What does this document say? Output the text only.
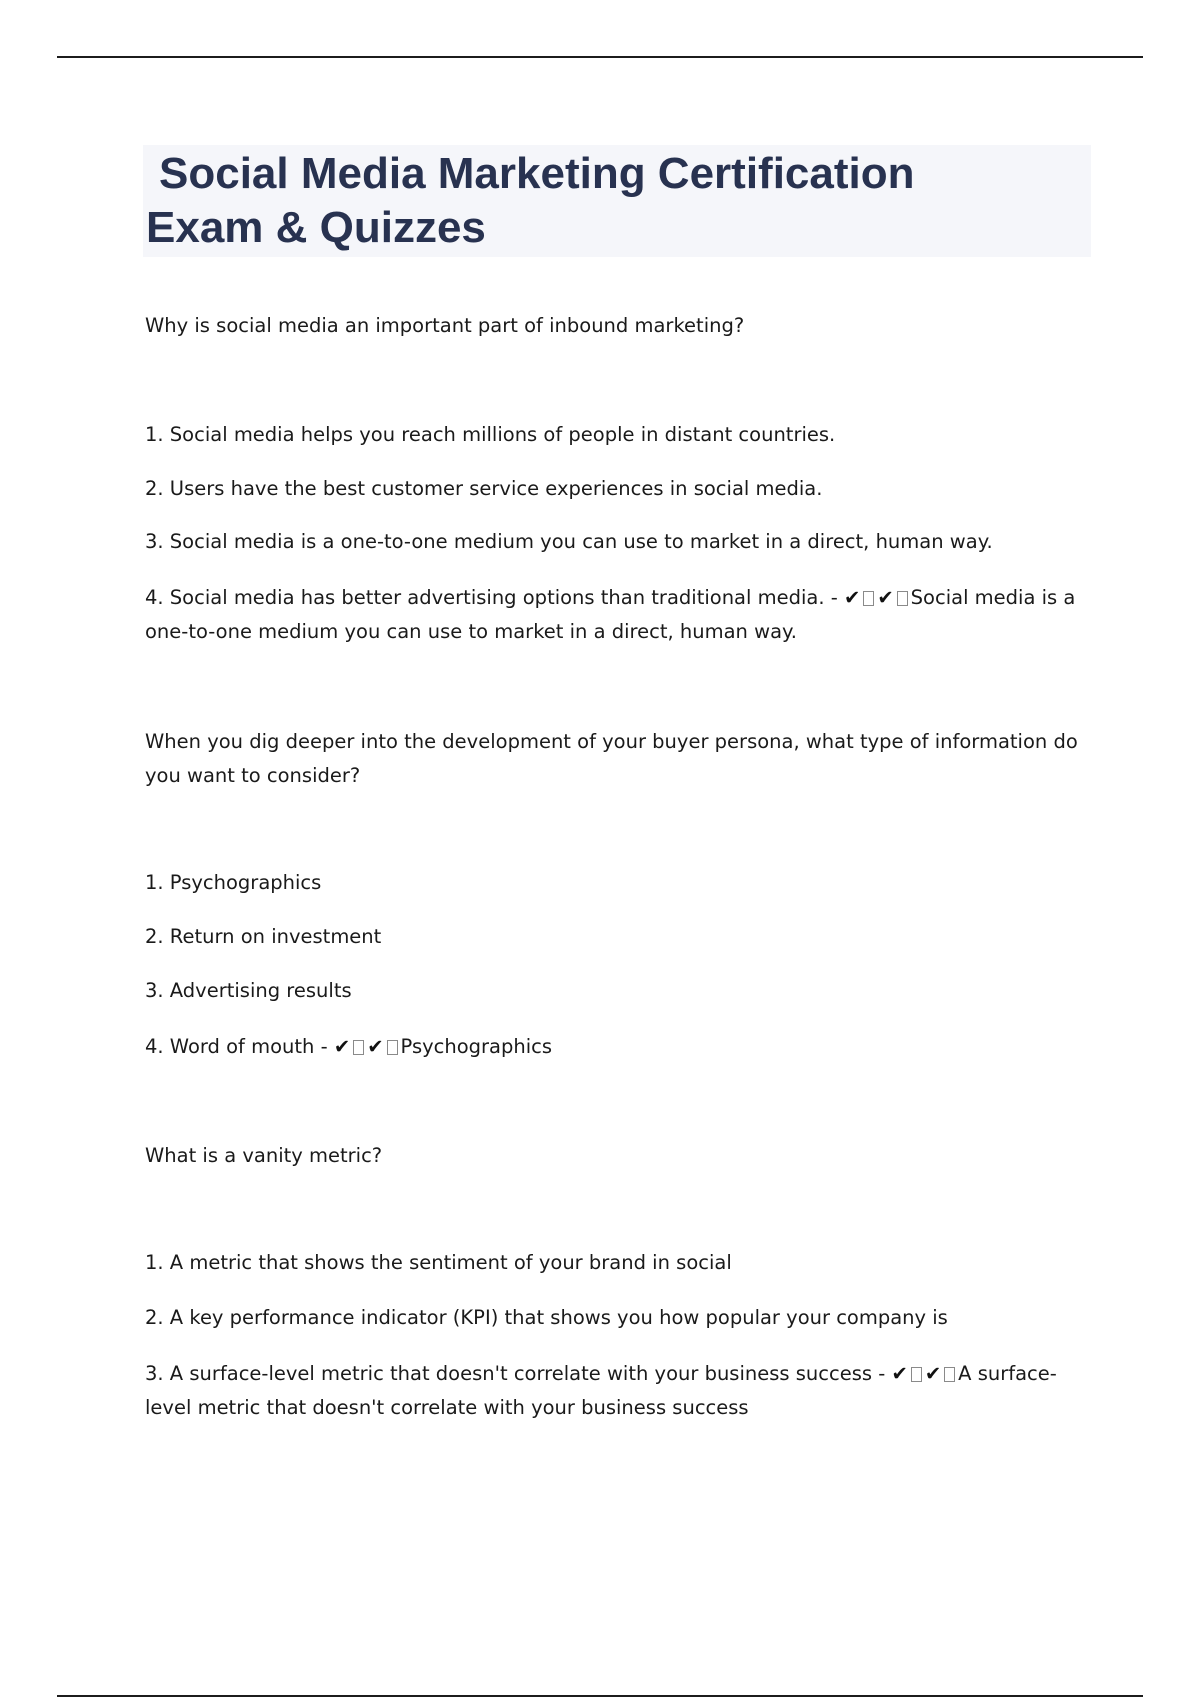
Social Media Marketing Certification
Exam & Quizzes
Why is social media an important part of inbound marketing?
1. Social media helps you reach millions of people in distant countries.
2. Users have the best customer service experiences in social media.
3. Social media is a one-to-one medium you can use to market in a direct, human way.
4. Social media has better advertising options than traditional media. - ✔ ✔ Social media is a one-to-one medium you can use to market in a direct, human way.
When you dig deeper into the development of your buyer persona, what type of information do you want to consider?
1. Psychographics
2. Return on investment
3. Advertising results
4. Word of mouth - ✔ ✔ Psychographics
What is a vanity metric?
1. A metric that shows the sentiment of your brand in social
2. A key performance indicator (KPI) that shows you how popular your company is
3. A surface-level metric that doesn't correlate with your business success - ✔ ✔ A surface-level metric that doesn't correlate with your business success
